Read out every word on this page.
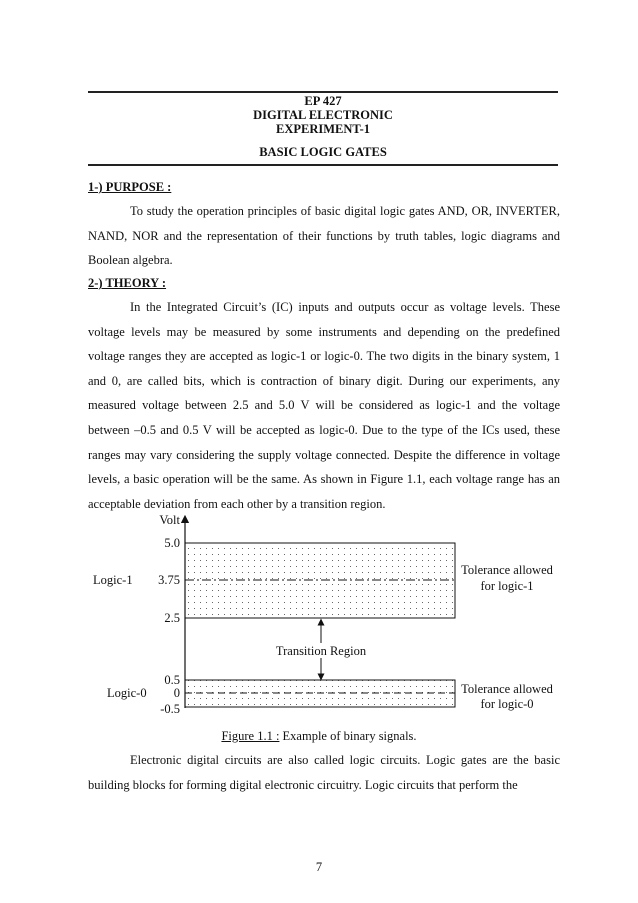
EP 427
DIGITAL ELECTRONIC
EXPERIMENT-1
BASIC LOGIC GATES
1-) PURPOSE :
To study the operation principles of basic digital logic gates AND, OR, INVERTER, NAND, NOR and the representation of their functions by truth tables, logic diagrams and Boolean algebra.
2-) THEORY :
In the Integrated Circuit’s (IC) inputs and outputs occur as voltage levels. These voltage levels may be measured by some instruments and depending on the predefined voltage ranges they are accepted as logic-1 or logic-0. The two digits in the binary system, 1 and 0, are called bits, which is contraction of binary digit. During our experiments, any measured voltage between 2.5 and 5.0 V will be considered as logic-1 and the voltage between –0.5 and 0.5 V will be accepted as logic-0. Due to the type of the ICs used, these ranges may vary considering the supply voltage connected. Despite the difference in voltage levels, a basic operation will be the same. As shown in Figure 1.1, each voltage range has an acceptable deviation from each other by a transition region.
Volt
5.0
3.75
2.5
0.5
0
-0.5
Logic-1
Logic-0
Transition Region
Tolerance allowed
for logic-1
Tolerance allowed
for logic-0
Figure 1.1 : Example of binary signals.
Electronic digital circuits are also called logic circuits. Logic gates are the basic building blocks for forming digital electronic circuitry. Logic circuits that perform the
7
